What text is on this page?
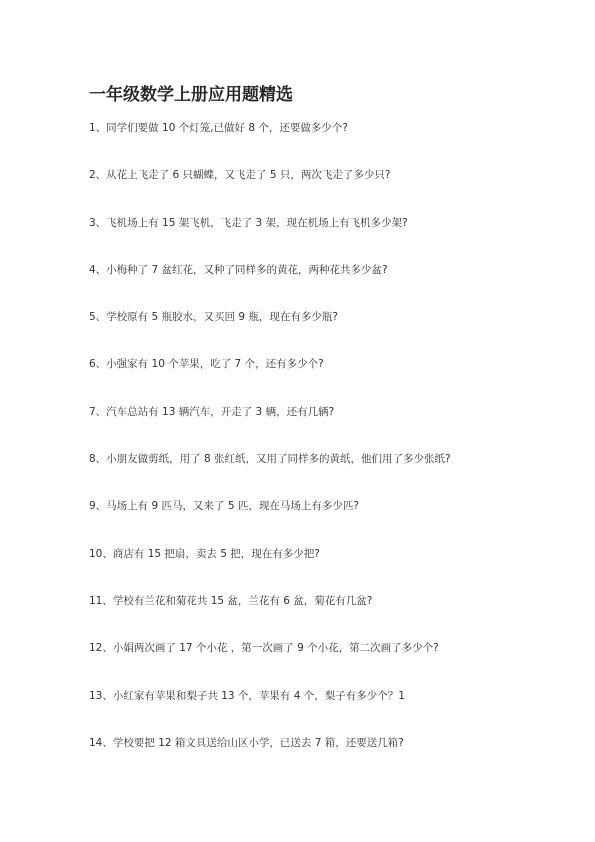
一年级数学上册应用题精选
1、同学们要做 10 个灯笼,已做好 8 个，还要做多少个?
2、从花上飞走了 6 只蝴蝶，又飞走了 5 只，两次飞走了多少只?
3、飞机场上有 15 架飞机，飞走了 3 架，现在机场上有飞机多少架?
4、小梅种了 7 盆红花，又种了同样多的黄花，两种花共多少盆?
5、学校原有 5 瓶胶水，又买回 9 瓶，现在有多少瓶?
6、小强家有 10 个苹果，吃了 7 个，还有多少个?
7、汽车总站有 13 辆汽车，开走了 3 辆，还有几辆?
8、小朋友做剪纸，用了 8 张红纸，又用了同样多的黄纸，他们用了多少张纸?
9、马场上有 9 匹马，又来了 5 匹，现在马场上有多少匹?
10、商店有 15 把扇，卖去 5 把，现在有多少把?
11、学校有兰花和菊花共 15 盆，兰花有 6 盆，菊花有几盆?
12、小娟两次画了 17 个小花 ，第一次画了 9 个小花，第二次画了多少个?
13、小红家有苹果和梨子共 13 个，苹果有 4 个，梨子有多少个？1
14、学校要把 12 箱文具送给山区小学，已送去 7 箱，还要送几箱?
